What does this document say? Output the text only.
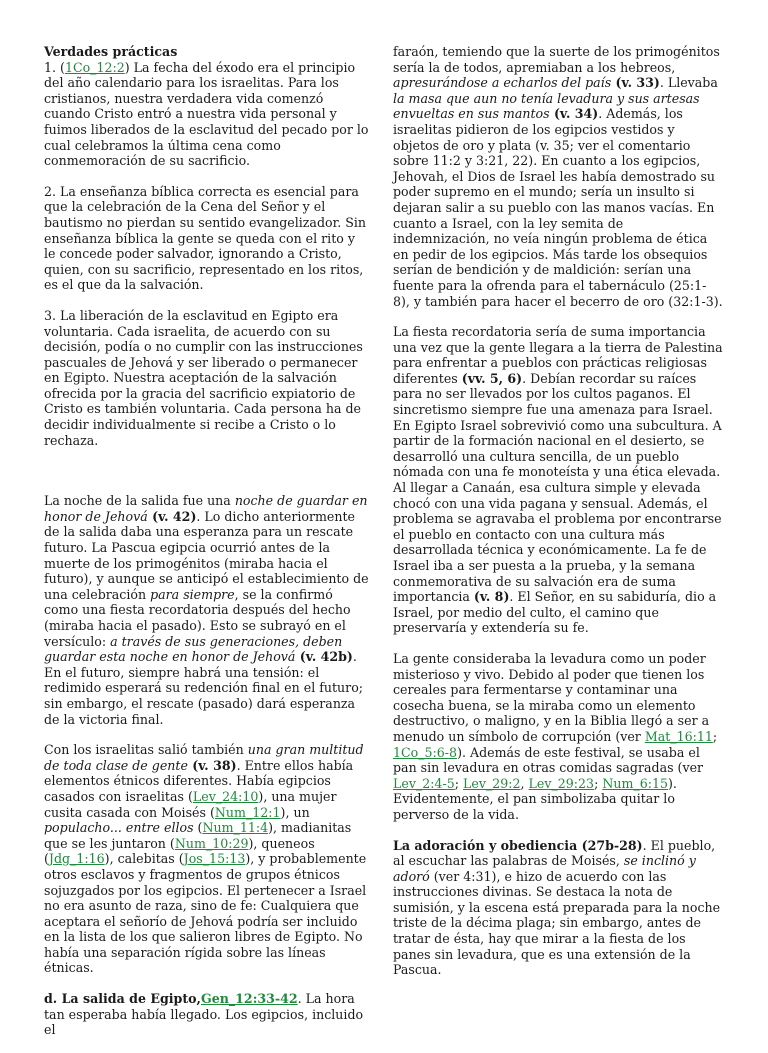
Verdades prácticas

1. (1Co_12:2) La fecha del éxodo era el principio del año calendario para los israelitas. Para los cristianos, nuestra verdadera vida comenzó cuando Cristo entró a nuestra vida personal y fuimos liberados de la esclavitud del pecado por lo cual celebramos la última cena como conmemoración de su sacrificio.

2. La enseñanza bíblica correcta es esencial para que la celebración de la Cena del Señor y el bautismo no pierdan su sentido evangelizador. Sin enseñanza bíblica la gente se queda con el rito y le concede poder salvador, ignorando a Cristo, quien, con su sacrificio, representado en los ritos, es el que da la salvación.

3. La liberación de la esclavitud en Egipto era voluntaria. Cada israelita, de acuerdo con su decisión, podía o no cumplir con las instrucciones pascuales de Jehová y ser liberado o permanecer en Egipto. Nuestra aceptación de la salvación ofrecida por la gracia del sacrificio expiatorio de Cristo es también voluntaria. Cada persona ha de decidir individualmente si recibe a Cristo o lo rechaza.

La noche de la salida fue una noche de guardar en honor de Jehová (v. 42). Lo dicho anteriormente de la salida daba una esperanza para un rescate futuro. La Pascua egipcia ocurrió antes de la muerte de los primogénitos (miraba hacia el futuro), y aunque se anticipó el establecimiento de una celebración para siempre, se la confirmó como una fiesta recordatoria después del hecho (miraba hacia el pasado). Esto se subrayó en el versículo: a través de sus generaciones, deben guardar esta noche en honor de Jehová (v. 42b). En el futuro, siempre habrá una tensión: el redimido esperará su redención final en el futuro; sin embargo, el rescate (pasado) dará esperanza de la victoria final.

Con los israelitas salió también una gran multitud de toda clase de gente (v. 38). Entre ellos había elementos étnicos diferentes. Había egipcios casados con israelitas (Lev_24:10), una mujer cusita casada con Moisés (Num_12:1), un populacho... entre ellos (Num_11:4), madianitas que se les juntaron (Num_10:29), queneos (Jdg_1:16), calebitas (Jos_15:13), y probablemente otros esclavos y fragmentos de grupos étnicos sojuzgados por los egipcios. El pertenecer a Israel no era asunto de raza, sino de fe: Cualquiera que aceptara el señorío de Jehová podría ser incluido en la lista de los que salieron libres de Egipto. No había una separación rígida sobre las líneas étnicas.

d. La salida de Egipto,Gen_12:33-42. La hora tan esperaba había llegado. Los egipcios, incluido el

faraón, temiendo que la suerte de los primogénitos sería la de todos, apremiaban a los hebreos, apresurándose a echarlos del país (v. 33). Llevaba la masa que aun no tenía levadura y sus artesas envueltas en sus mantos (v. 34). Además, los israelitas pidieron de los egipcios vestidos y objetos de oro y plata (v. 35; ver el comentario sobre 11:2 y 3:21, 22). En cuanto a los egipcios, Jehovah, el Dios de Israel les había demostrado su poder supremo en el mundo; sería un insulto si dejaran salir a su pueblo con las manos vacías. En cuanto a Israel, con la ley semita de indemnización, no veía ningún problema de ética en pedir de los egipcios. Más tarde los obsequios serían de bendición y de maldición: serían una fuente para la ofrenda para el tabernáculo (25:1-8), y también para hacer el becerro de oro (32:1-3).

La fiesta recordatoria sería de suma importancia una vez que la gente llegara a la tierra de Palestina para enfrentar a pueblos con prácticas religiosas diferentes (vv. 5, 6). Debían recordar su raíces para no ser llevados por los cultos paganos. El sincretismo siempre fue una amenaza para Israel. En Egipto Israel sobrevivió como una subcultura. A partir de la formación nacional en el desierto, se desarrolló una cultura sencilla, de un pueblo nómada con una fe monoteísta y una ética elevada. Al llegar a Canaán, esa cultura simple y elevada chocó con una vida pagana y sensual. Además, el problema se agravaba el problema por encontrarse el pueblo en contacto con una cultura más desarrollada técnica y económicamente. La fe de Israel iba a ser puesta a la prueba, y la semana conmemorativa de su salvación era de suma importancia (v. 8). El Señor, en su sabiduría, dio a Israel, por medio del culto, el camino que preservaría y extendería su fe.

La gente consideraba la levadura como un poder misterioso y vivo. Debido al poder que tienen los cereales para fermentarse y contaminar una cosecha buena, se la miraba como un elemento destructivo, o maligno, y en la Biblia llegó a ser a menudo un símbolo de corrupción (ver Mat_16:11; 1Co_5:6-8). Además de este festival, se usaba el pan sin levadura en otras comidas sagradas (ver Lev_2:4-5; Lev_29:2, Lev_29:23; Num_6:15). Evidentemente, el pan simbolizaba quitar lo perverso de la vida.

La adoración y obediencia (27b-28). El pueblo, al escuchar las palabras de Moisés, se inclinó y adoró (ver 4:31), e hizo de acuerdo con las instrucciones divinas. Se destaca la nota de sumisión, y la escena está preparada para la noche triste de la décima plaga; sin embargo, antes de tratar de ésta, hay que mirar a la fiesta de los panes sin levadura, que es una extensión de la Pascua.
